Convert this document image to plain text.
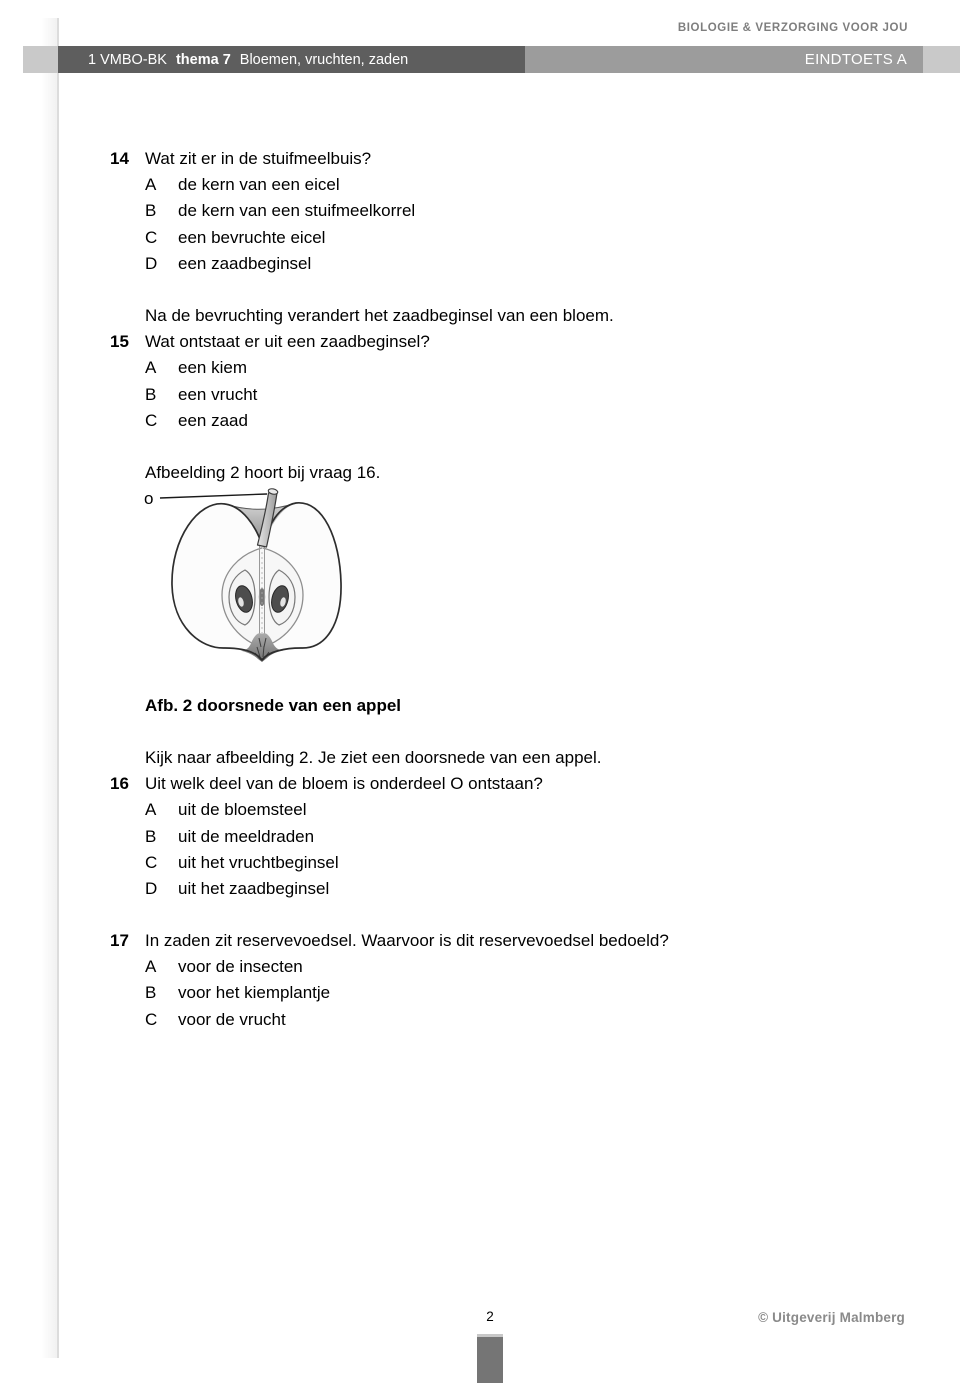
BIOLOGIE & VERZORGING VOOR JOU
1 VMBO-BK thema 7 Bloemen, vruchten, zaden	EINDTOETS A
14 Wat zit er in de stuifmeelbuis?
A	de kern van een eicel
B	de kern van een stuifmeelkorrel
C	een bevruchte eicel
D	een zaadbeginsel
Na de bevruchting verandert het zaadbeginsel van een bloem.
15 Wat ontstaat er uit een zaadbeginsel?
A	een kiem
B	een vrucht
C	een zaad
Afbeelding 2 hoort bij vraag 16.
o
Afb. 2 doorsnede van een appel
Kijk naar afbeelding 2. Je ziet een doorsnede van een appel.
16 Uit welk deel van de bloem is onderdeel O ontstaan?
A	uit de bloemsteel
B	uit de meeldraden
C	uit het vruchtbeginsel
D	uit het zaadbeginsel
17 In zaden zit reservevoedsel. Waarvoor is dit reservevoedsel bedoeld?
A	voor de insecten
B	voor het kiemplantje
C	voor de vrucht
2	© Uitgeverij Malmberg
